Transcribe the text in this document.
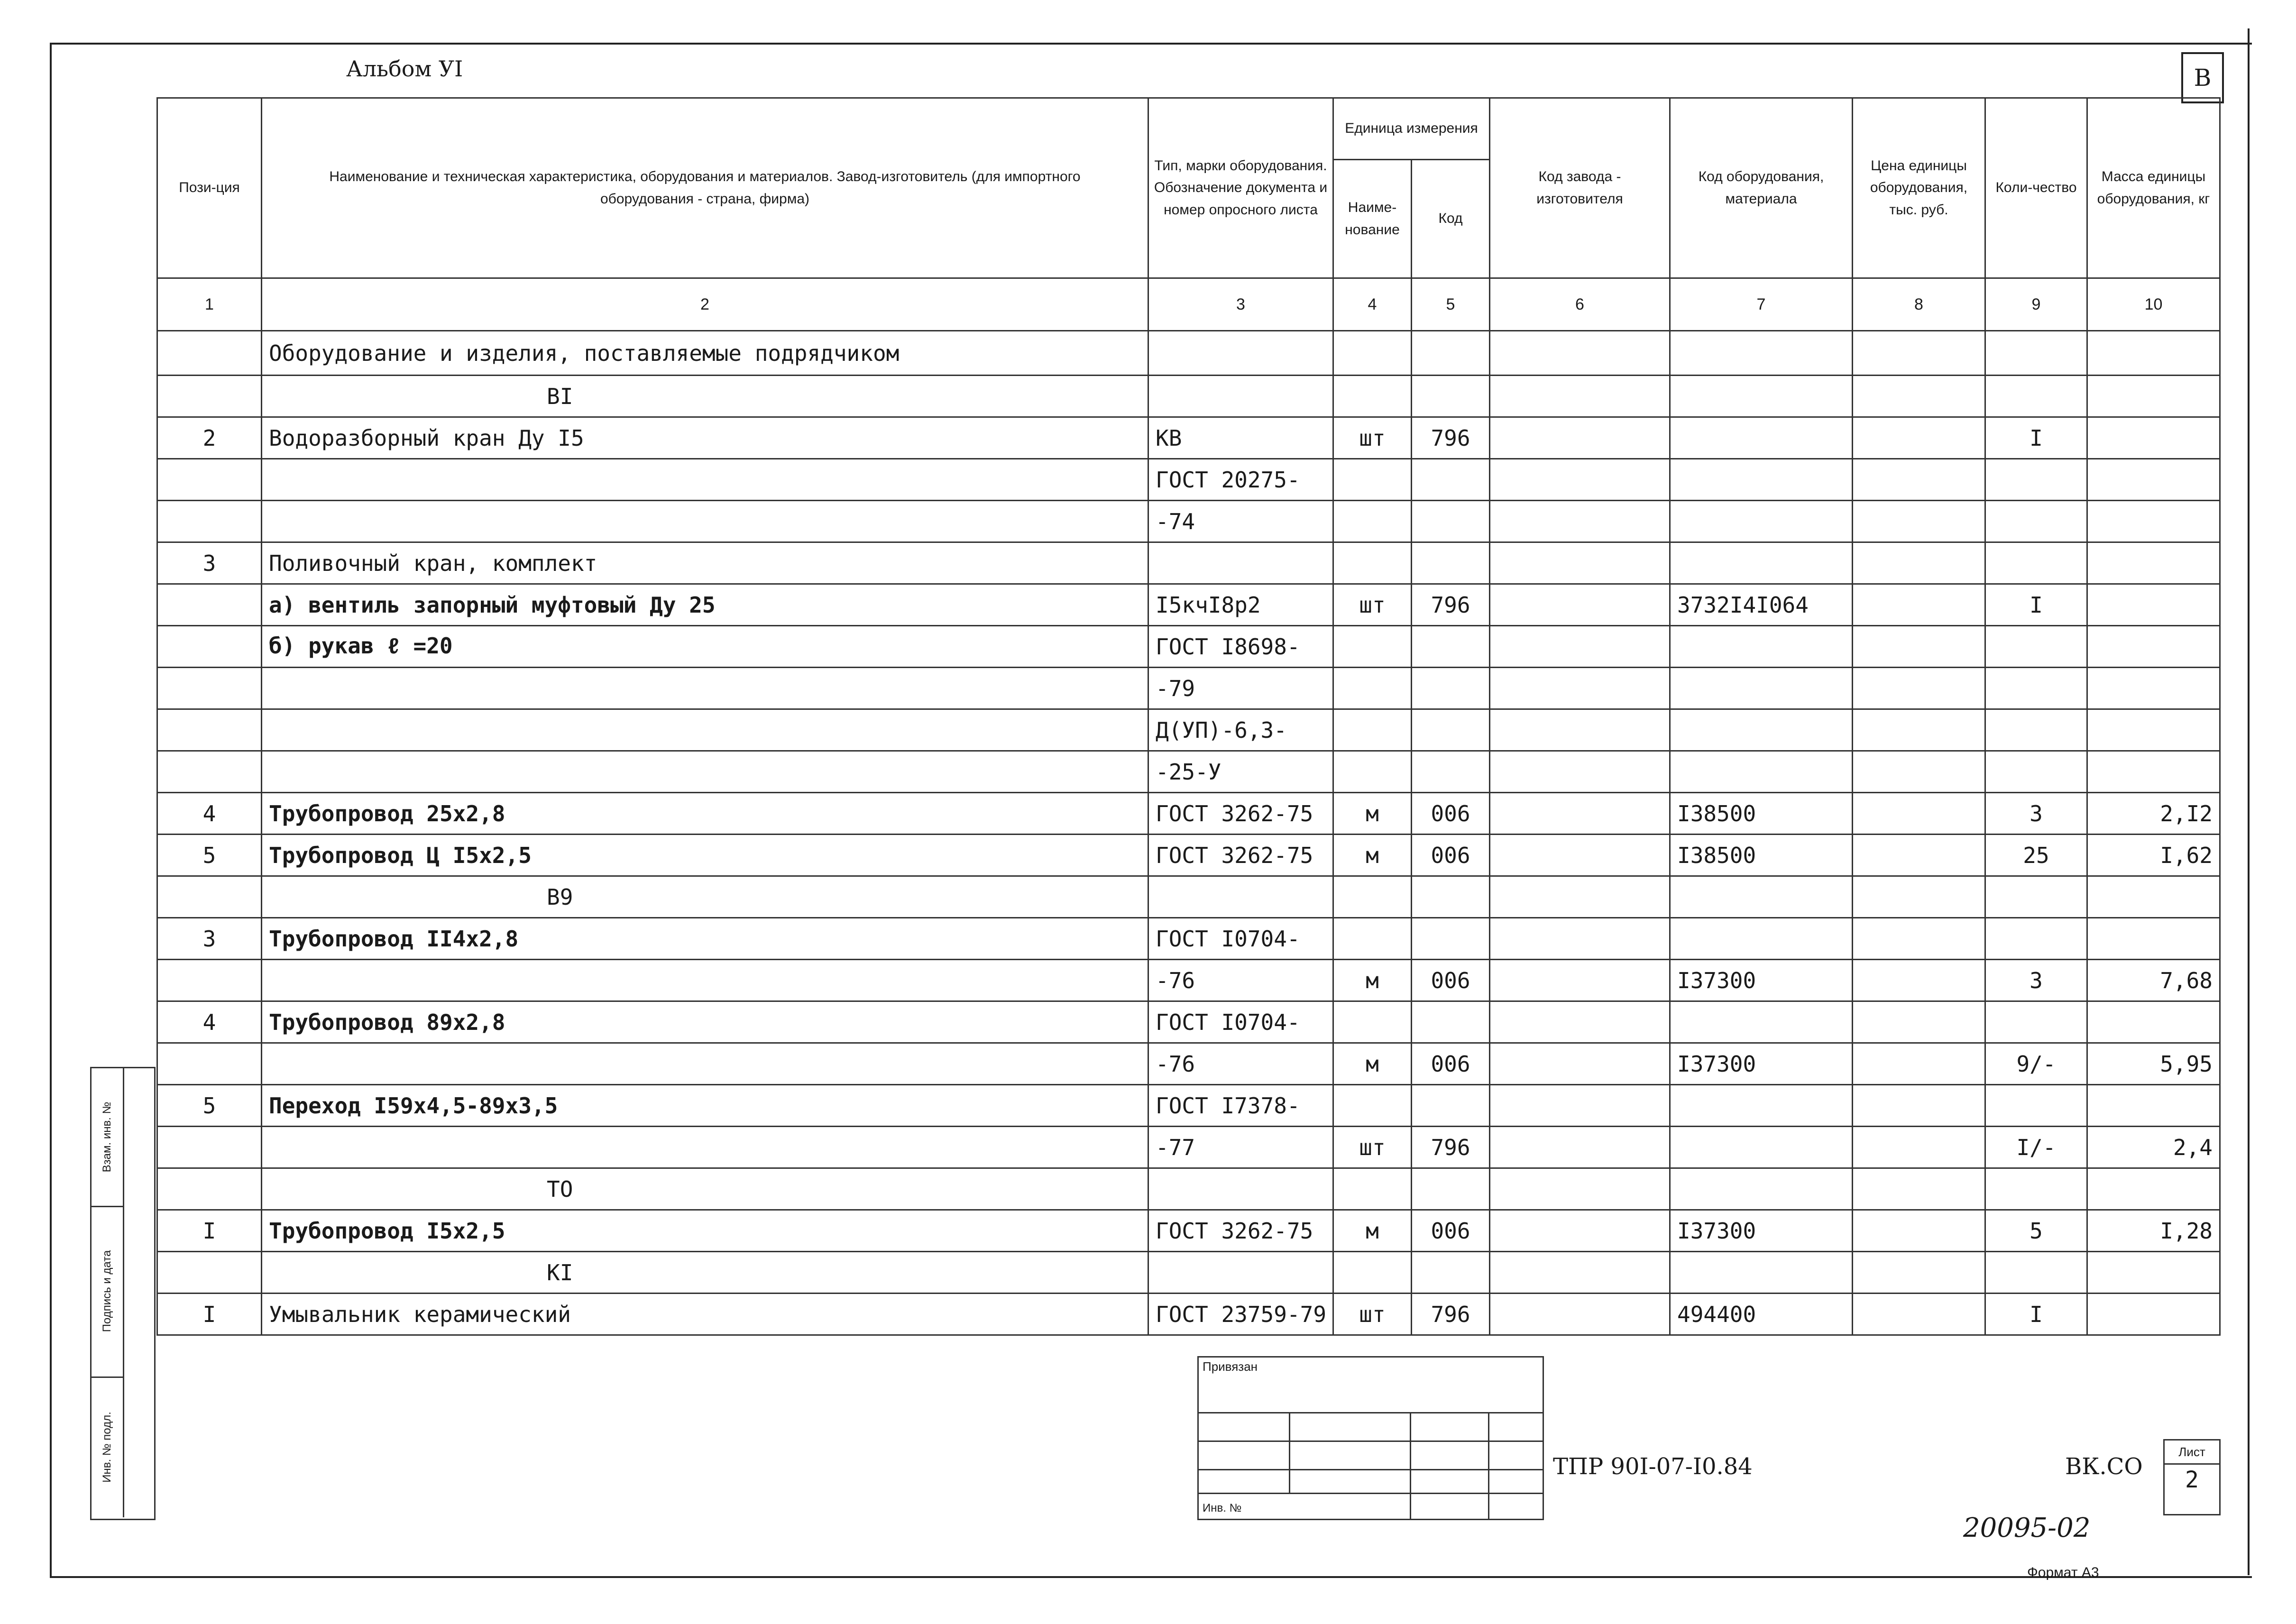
Альбом УI	В
Пози-ция	Наименование и техническая характеристика, оборудования и материалов. Завод-изготовитель (для импортного оборудования - страна, фирма)	Тип, марки оборудования. Обозначение документа и номер опросного листа	Единица измерения		Код завода - изготовителя	Код оборудования, материала	Цена единицы оборудования, тыс. руб.	Коли-чество	Масса единицы оборудования, кг
			Наиме-нование	Код					
1	2	3	4	5	6	7	8	9	10
	Оборудование и изделия, поставляемые подрядчиком								
	BI								
2	Водоразборный кран Ду I5	КВ	шт	796				I	
		ГОСТ 20275-							
		-74							
3	Поливочный кран, комплект								
	а) вентиль запорный муфтовый Ду 25	I5кчI8р2	шт	796		3732I4I064		I	
	б) рукав ℓ =20	ГОСТ I8698-							
		-79							
		Д(УП)-6,3-							
		-25-У							
4	Трубопровод 25x2,8	ГОСТ 3262-75	м	006		I38500		3	2,I2
5	Трубопровод Ц I5x2,5	ГОСТ 3262-75	м	006		I38500		25	I,62
	B9								
3	Трубопровод II4x2,8	ГОСТ I0704-							
		-76	м	006		I37300		3	7,68
4	Трубопровод 89x2,8	ГОСТ I0704-							
		-76	м	006		I37300		9/-	5,95
5	Переход I59x4,5-89x3,5	ГОСТ I7378-							
		-77	шт	796				I/-	2,4
	TO								
I	Трубопровод I5x2,5	ГОСТ 3262-75	м	006		I37300		5	I,28
	KI								
I	Умывальник керамический	ГОСТ 23759-79	шт	796		494400		I	
Взам. инв. №
Подпись и дата
Инв. № подл.
Привязан
Инв. №
ТПР 90I-07-I0.84	ВК.СО
Лист
2
20095-02
Формат А3
